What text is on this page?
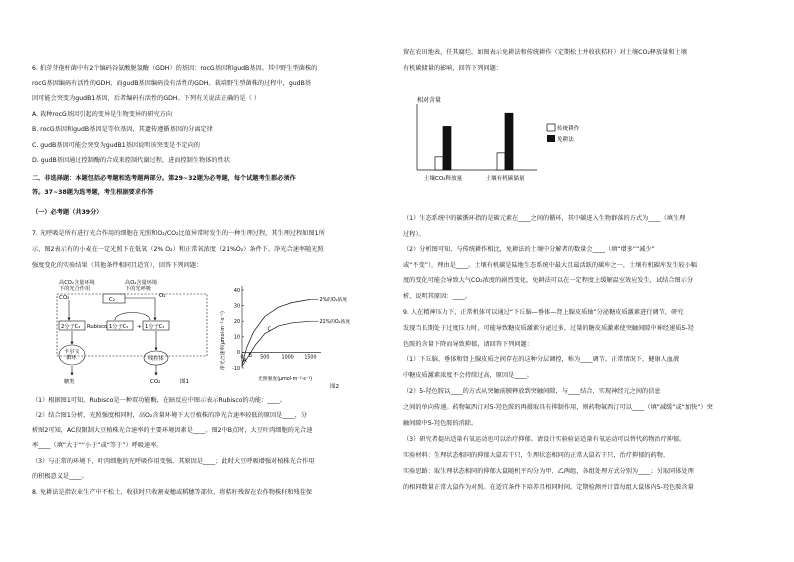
6. 拍芽芽孢杆菌中有2个编码谷氨酸脱氢酶（GDH）的基因：rocG基因和gudB基因。其中野生型菌株的
rocG基因编码有活性的GDH，而gudB基因编码没有活性的GDH。栽培野生型菌株的过程中，gudB基
因可能会突变为gudB1基因，后者编码有活性的GDH。下列有关说法正确的是（ ）
A. 栽种rocG基因引起的变异是生物变异的研究方向
B. rocG基因和gudB基因是等位基因，其遗传遵循基因的分离定律
C. gudB基因可能会突变为gudB1基因说明该突变是不定向的
D. gudB基因通过控制酶的合成来控制代谢过程，进而控制生物体的性状
二、非选择题：本题包括必考题和选考题两部分。第29~32题为必考题，每个试题考生都必须作
答。37~38题为选考题，考生根据要求作答
（一）必考题（共39分）
7. 光呼吸是所有进行光合作用的细胞在光照和O₂/CO₂比值异常时发生的一种生理过程，其生理过程如图1所
示，图2表示有的小麦在一定光照下在低氧（2% O₂）和正常氧浓度（21%O₂）条件下，净光合速率随光照
强度变化的实验结果（其他条件相同且适宜），回答下列问题：
高CO₂含量环境
下的光合作用
CO₂	C₂
高O₂含量环境
下的光呼吸
O₂
2分子C₃	1分子C₅
Rubisco	+ 1分子C₃
卡尔文
循环
糖类
线粒体
CO₂	图1
-10
0
10
20
30
40
0	500	1000 1500
2%的O₂浓度
21%的O₂浓度
净光合速率(μmol·m⁻²·s⁻¹)
光照强度(μmol·m⁻²·s⁻¹)
图2
A
B
C
（1）根据图1可知，Rubisco是一种双功能酶，在暗反应中图示表示Rubisco的功能：____。
（2）结合图1分析，光照强度相同时，高O₂含量环境下大豆植株的净光合速率较低的原因是____，分
析图2可知，AC段限制大豆植株光合速率的主要环境因素是____。图2中B点时，大豆叶肉细胞的光合速
率____（填“大于”“小于”或“等于”）呼吸速率。
（3）与正常的环境下，叶肉细胞的光呼吸作用变强，其原因是____；此时大豆呼吸增强对植株光合作用
的积极意义是____。
8. 免耕法是指农业生产中不松土，收获时只收割麦穗或稻穗等部位，将秸秆残留在农作物株秆和残茬保
留在农田地表，任其腐烂。如图表示免耕法和传统耕作（定期松土并收获秸秆）对土壤CO₂释放量和土壤
有机碳储量的影响，回答下列问题：
相对含量
土壤CO₂释放量	土壤有机碳储量
传统耕作
免耕法
（1）生态系统中的碳循环指的是碳元素在____之间的循环，其中碳进入生物群落的方式为____（填生理
过程）。
（2）分析图可知，与传统耕作相比，免耕法的土壤中分解者的数量会____（填“增多”“减少”
或“不变”），理由是____。土壤有机碳是陆地生态系统中最大且最活跃的碳库之一，土壤有机碳库发生较小幅
度的变化可能会导致大气CO₂浓度的剧烈变化，免耕法可以在一定程度上缓解温室效应发生，试结合图示分
析，说明其原因：____。
9. 人在精神压力下，正常机体可以通过“下丘脑—垂体—肾上腺皮质轴”分泌糖皮质激素进行调节，研究
发现当长期处于过度压力时，可能导致糖皮质激素分泌过多，过量的糖皮质激素使突触间隙中神经递质5-羟
色胺的含量下降而导致抑郁，请回答下列问题：
（1）下丘脑、垂体和肾上腺皮质之间存在的这种分层调控，称为____调节。正常情况下，健康人血液
中糖皮质激素浓度不会持续过高，原因是____。
（2）5-羟色胺以____的方式从突触前膜释放到突触间隙，与____结合，实现神经元之间的信息
之间的单向传递。药物氟西汀对5-羟色胺的再摄取具有抑制作用，则药物氟西汀可以____（填“减缓”或“加快”）突
触间隙中5-羟色胺的消除。
（3）研究者提出适量有氧运动也可以治疗抑郁。请设计实验验证适量有氧运动可以替代药物治疗抑郁。
实验材料：生理状态相同的抑郁大鼠若干只，生理状态相同的正常大鼠若干只，治疗抑郁的药物。
实验思路：取生理状态相同的抑郁大鼠随机平均分为甲、乙两组，各组处理方式分别为____；另取同体处理
的相同数量正常大鼠作为对照。在适宜条件下培养且相同时间，定期检测并计算每组大鼠体内5-羟色胺含量
